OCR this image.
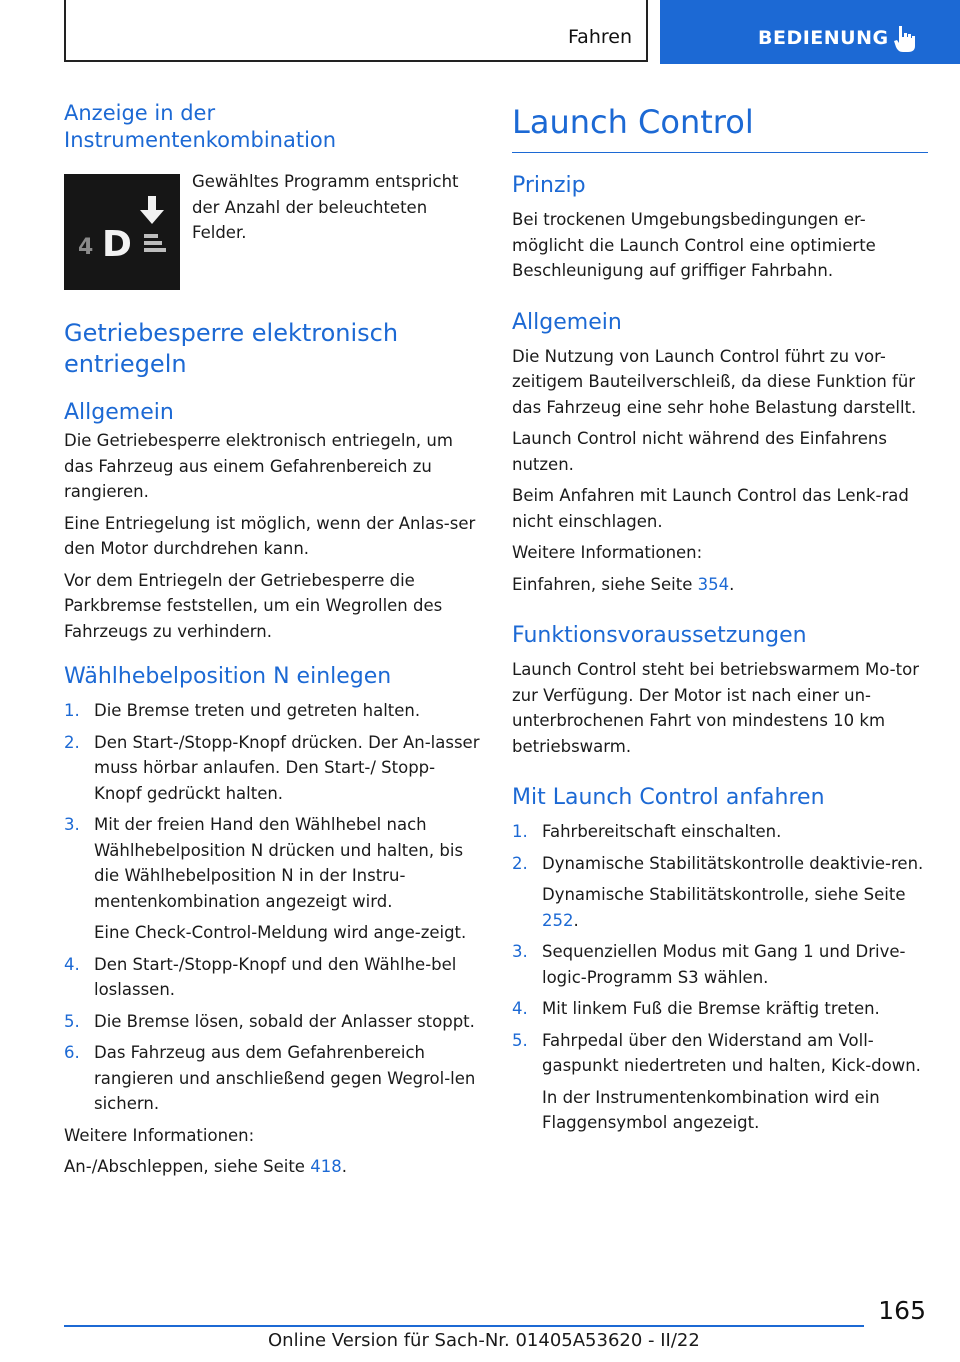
Fahren	BEDIENUNG
Anzeige in der Instrumentenkombination
4 D

Gewähltes Programm entspricht der Anzahl der beleuchteten Felder.

Getriebesperre elektronisch entriegeln
Allgemein

Die Getriebesperre elektronisch entriegeln, um das Fahrzeug aus einem Gefahrenbereich zu rangieren.

Eine Entriegelung ist möglich, wenn der Anlas-ser den Motor durchdrehen kann.

Vor dem Entriegeln der Getriebesperre die Parkbremse feststellen, um ein Wegrollen des Fahrzeugs zu verhindern.

Wählhebelposition N einlegen
1. Die Bremse treten und getreten halten.
2. Den Start-/Stopp-Knopf drücken. Der An-lasser muss hörbar anlaufen. Den Start-/ Stopp-Knopf gedrückt halten.
3. Mit der freien Hand den Wählhebel nach Wählhebelposition N drücken und halten, bis die Wählhebelposition N in der Instru-mentenkombination angezeigt wird.
Eine Check-Control-Meldung wird ange-zeigt.
4. Den Start-/Stopp-Knopf und den Wählhe-bel loslassen.
5. Die Bremse lösen, sobald der Anlasser stoppt.
6. Das Fahrzeug aus dem Gefahrenbereich rangieren und anschließend gegen Wegrol-len sichern.

Weitere Informationen:

An-/Abschleppen, siehe Seite 418.

Launch Control
Prinzip

Bei trockenen Umgebungsbedingungen er-möglicht die Launch Control eine optimierte Beschleunigung auf griffiger Fahrbahn.

Allgemein

Die Nutzung von Launch Control führt zu vor-zeitigem Bauteilverschleiß, da diese Funktion für das Fahrzeug eine sehr hohe Belastung darstellt.

Launch Control nicht während des Einfahrens nutzen.

Beim Anfahren mit Launch Control das Lenk-rad nicht einschlagen.

Weitere Informationen:

Einfahren, siehe Seite 354.

Funktionsvoraussetzungen

Launch Control steht bei betriebswarmem Mo-tor zur Verfügung. Der Motor ist nach einer un-unterbrochenen Fahrt von mindestens 10 km betriebswarm.

Mit Launch Control anfahren
1. Fahrbereitschaft einschalten.
2. Dynamische Stabilitätskontrolle deaktivie-ren.
Dynamische Stabilitätskontrolle, siehe Seite 252.
3. Sequenziellen Modus mit Gang 1 und Drive-logic-Programm S3 wählen.
4. Mit linkem Fuß die Bremse kräftig treten.
5. Fahrpedal über den Widerstand am Voll-gaspunkt niedertreten und halten, Kick-down.
In der Instrumentenkombination wird ein Flaggensymbol angezeigt.
165
Online Version für Sach-Nr. 01405A53620 - II/22
